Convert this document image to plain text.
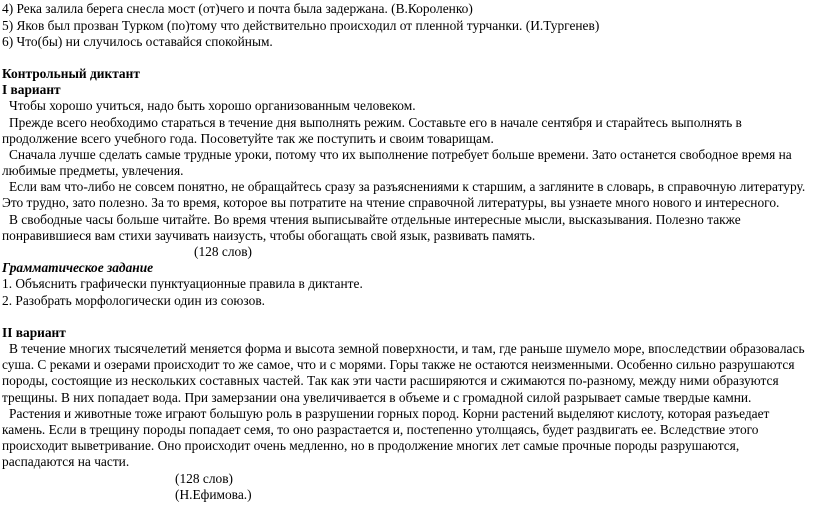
4) Река залила берега снесла мост (от)чего и почта была задержана. (В.Короленко)
5) Яков был прозван Турком (по)тому что действительно происходил от пленной турчанки. (И.Тургенев)
6) Что(бы) ни случилось оставайся спокойным.
Контрольный диктант
I вариант
Чтобы хорошо учиться, надо быть хорошо организованным человеком.
Прежде всего необходимо стараться в течение дня выполнять режим. Составьте его в начале сентября и старайтесь выполнять в
продолжение всего учебного года. Посоветуйте так же поступить и своим товарищам.
Сначала лучше сделать самые трудные уроки, потому что их выполнение потребует больше времени. Зато останется свободное время на
любимые предметы, увлечения.
Если вам что-либо не совсем понятно, не обращайтесь сразу за разъяснениями к старшим, а загляните в словарь, в справочную литературу.
Это трудно, зато полезно. За то время, которое вы потратите на чтение справочной литературы, вы узнаете много нового и интересного.
В свободные часы больше читайте. Во время чтения выписывайте отдельные интересные мысли, высказывания. Полезно также
понравившиеся вам стихи заучивать наизусть, чтобы обогащать свой язык, развивать память.
(128 слов)
Грамматическое задание
1. Объяснить графически пунктуационные правила в диктанте.
2. Разобрать морфологически один из союзов.
II вариант
В течение многих тысячелетий меняется форма и высота земной поверхности, и там, где раньше шумело море, впоследствии образовалась
суша. С реками и озерами происходит то же самое, что и с морями. Горы также не остаются неизменными. Особенно сильно разрушаются
породы, состоящие из нескольких составных частей. Так как эти части расширяются и сжимаются по-разному, между ними образуются
трещины. В них попадает вода. При замерзании она увеличивается в объеме и с громадной силой разрывает самые твердые камни.
Растения и животные тоже играют большую роль в разрушении горных пород. Корни растений выделяют кислоту, которая разъедает
камень. Если в трещину породы попадает семя, то оно разрастается и, постепенно утолщаясь, будет раздвигать ее. Вследствие этого
происходит выветривание. Оно происходит очень медленно, но в продолжение многих лет самые прочные породы разрушаются,
распадаются на части.
(128 слов)
(Н.Ефимова.)
